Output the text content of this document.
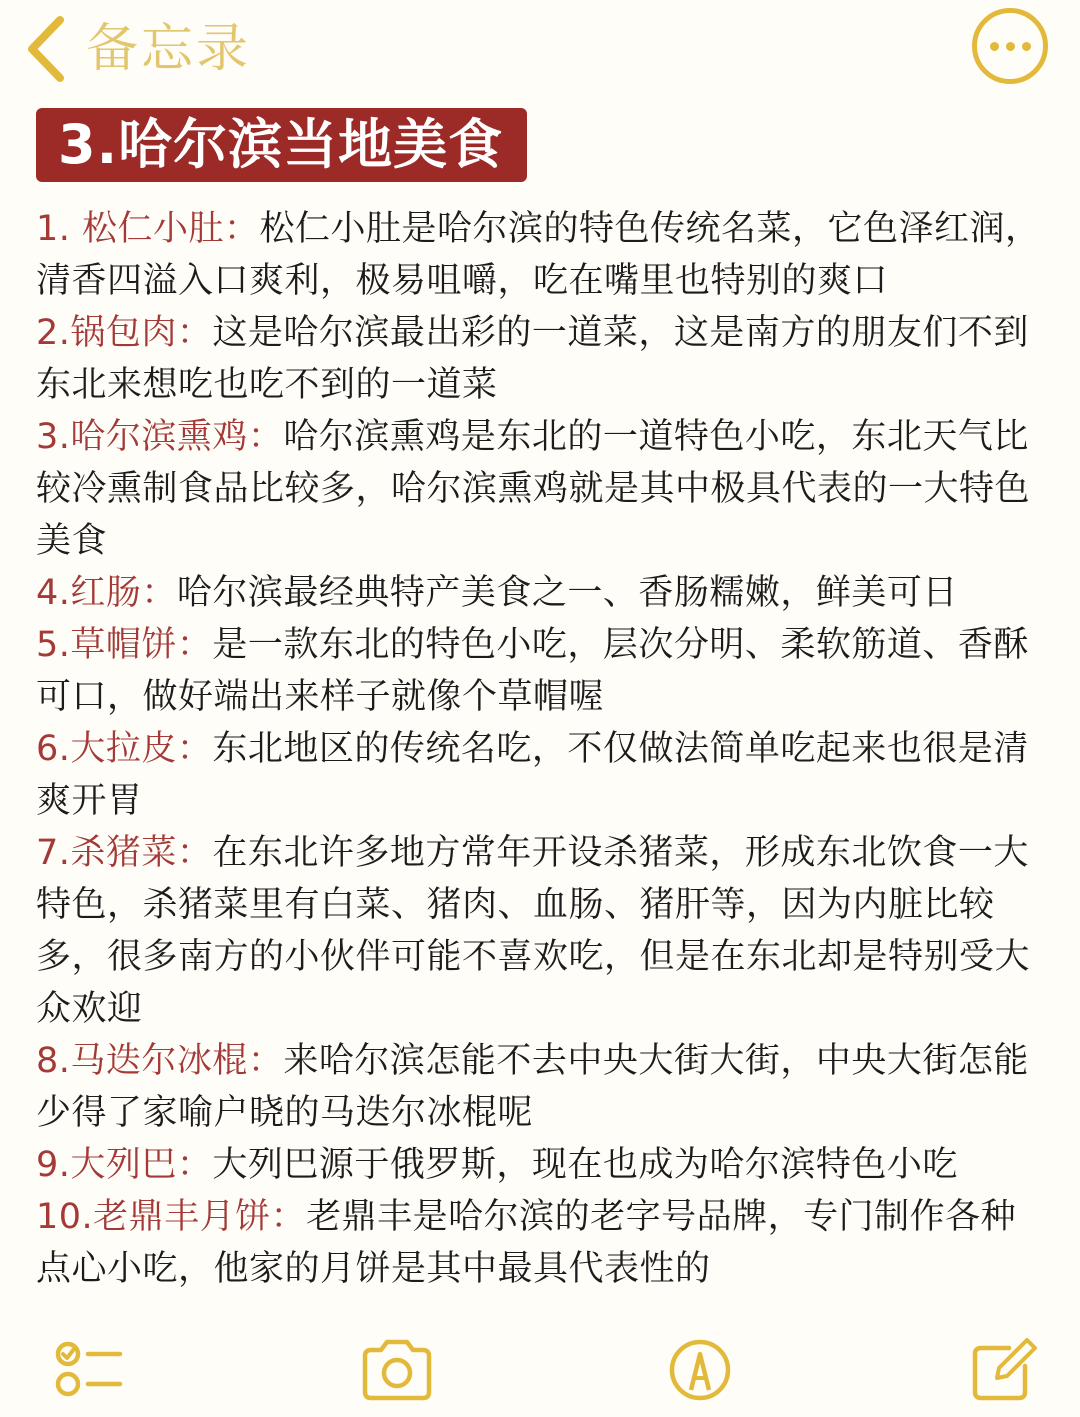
备忘录
3.哈尔滨当地美食

1. 松仁小肚：松仁小肚是哈尔滨的特色传统名菜，它色泽红润，清香四溢入口爽利，极易咀嚼，吃在嘴里也特别的爽口

2.锅包肉：这是哈尔滨最出彩的一道菜，这是南方的朋友们不到东北来想吃也吃不到的一道菜

3.哈尔滨熏鸡：哈尔滨熏鸡是东北的一道特色小吃，东北天气比较冷熏制食品比较多，哈尔滨熏鸡就是其中极具代表的一大特色美食

4.红肠：哈尔滨最经典特产美食之一、香肠糯嫩，鲜美可日

5.草帽饼：是一款东北的特色小吃，层次分明、柔软筋道、香酥可口，做好端出来样子就像个草帽喔

6.大拉皮：东北地区的传统名吃，不仅做法简单吃起来也很是清爽开胃

7.杀猪菜：在东北许多地方常年开设杀猪菜，形成东北饮食一大特色，杀猪菜里有白菜、猪肉、血肠、猪肝等，因为内脏比较多，很多南方的小伙伴可能不喜欢吃，但是在东北却是特别受大众欢迎

8.马迭尔冰棍：来哈尔滨怎能不去中央大街大街，中央大街怎能少得了家喻户晓的马迭尔冰棍呢

9.大列巴：大列巴源于俄罗斯，现在也成为哈尔滨特色小吃

10.老鼎丰月饼：老鼎丰是哈尔滨的老字号品牌，专门制作各种点心小吃，他家的月饼是其中最具代表性的
